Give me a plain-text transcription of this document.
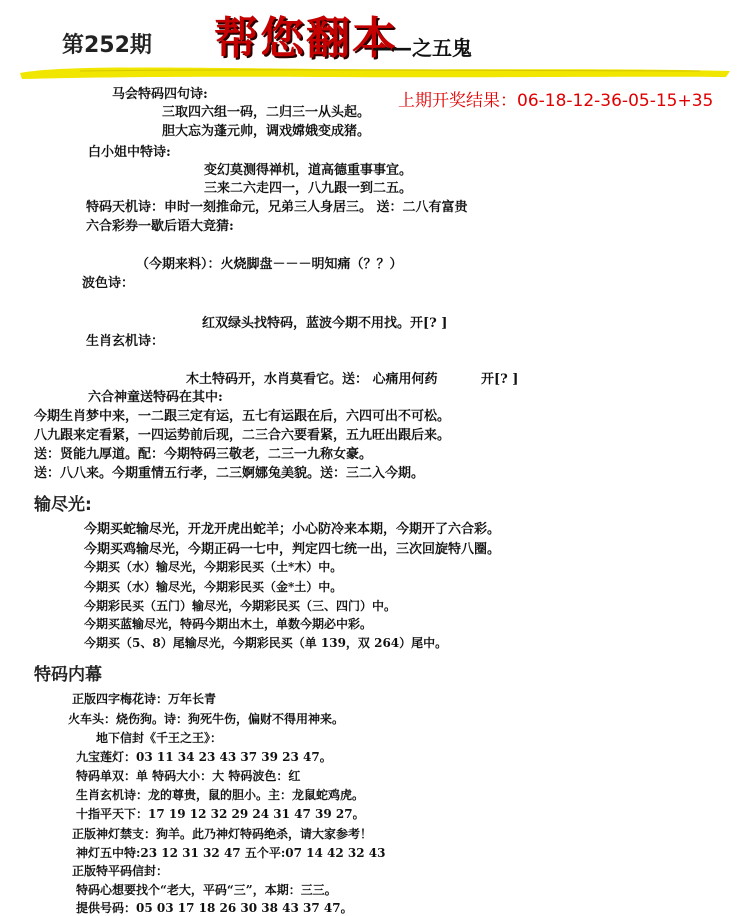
第252期 帮您翻本
——之五鬼
上期开奖结果：06-18-12-36-05-15+35
马会特码四句诗:
三取四六组一码，二归三一从头起。
胆大忘为蓬元帅，调戏嫦娥变成猪。
白小姐中特诗:
变幻莫测得禅机，道高德重事事宜。
三来二六走四一，八九跟一到二五。
特码天机诗：申时一刻推命元，兄弟三人身居三。 送：二八有富贵
六合彩券一歇后语大竞猜:
（今期来料）：火烧脚盘－－－明知痛（？？）
波色诗：
红双绿头找特码，蓝波今期不用找。开[? ]
生肖玄机诗：
木土特码开，水肖莫看它。送： 心痛用何药	开[? ]
六合神童送特码在其中:
今期生肖梦中来，一二跟三定有运，五七有运跟在后，六四可出不可松。
八九跟来定看紧，一四运势前后现，二三合六要看紧，五九旺出跟后来。
送：贤能九厚道。配：今期特码三敬老，二三一九称女豪。
送：八八来。今期重情五行孝，二三婀娜兔美貌。送：三二入今期。
输尽光:
今期买蛇输尽光，开龙开虎出蛇羊；小心防冷来本期，今期开了六合彩。
今期买鸡输尽光，今期正码一七中，判定四七统一出，三次回旋特八圈。
今期买（水）输尽光，今期彩民买（土*木）中。
今期买（水）输尽光，今期彩民买（金*土）中。
今期彩民买（五门）输尽光，今期彩民买（三、四门）中。
今期买蓝输尽光，特码今期出木土，单数今期必中彩。
今期买（5、8）尾输尽光，今期彩民买（单 139，双 264）尾中。
特码内幕
正版四字梅花诗：万年长青
火车头：烧伤狗。诗：狗死牛伤，偏财不得用神来。
地下信封《千王之王》：
九宝莲灯：03 11 34 23 43 37 39 23 47。
特码单双：单 特码大小：大 特码波色：红
生肖玄机诗：龙的尊贵，鼠的胆小。主：龙鼠蛇鸡虎。
十指平天下：17 19 12 32 29 24 31 47 39 27。
正版神灯禁支：狗羊。此乃神灯特码绝杀，请大家参考！
神灯五中特:23 12 31 32 47 五个平:07 14 42 32 43
正版特平码信封：
特码心想要找个“老大，平码“三”，本期：三三。
提供号码：05 03 17 18 26 30 38 43 37 47。
